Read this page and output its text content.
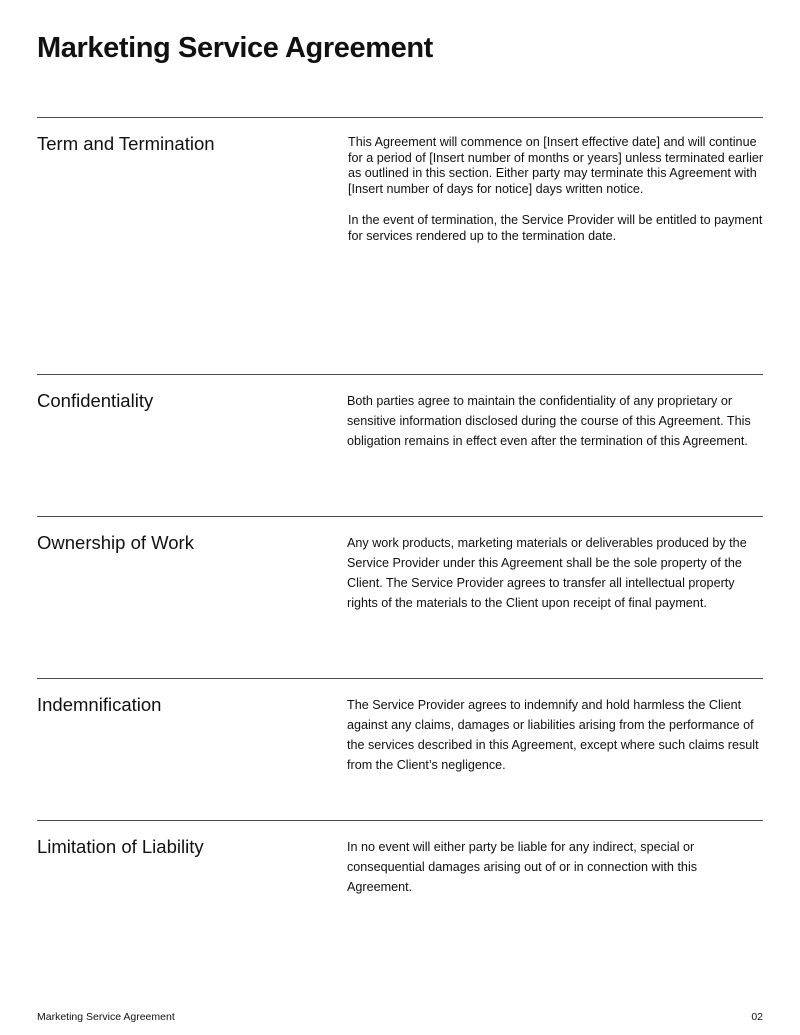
Marketing Service Agreement
Term and Termination	This Agreement will commence on [Insert effective date] and will continue for a period of [Insert number of months or years] unless terminated earlier as outlined in this section. Either party may terminate this Agreement with [Insert number of days for notice] days written notice.

In the event of termination, the Service Provider will be entitled to payment for services rendered up to the termination date.

Confidentiality	Both parties agree to maintain the confidentiality of any proprietary or sensitive information disclosed during the course of this Agreement. This obligation remains in effect even after the termination of this Agreement.

Ownership of Work	Any work products, marketing materials or deliverables produced by the Service Provider under this Agreement shall be the sole property of the Client. The Service Provider agrees to transfer all intellectual property rights of the materials to the Client upon receipt of final payment.

Indemnification	The Service Provider agrees to indemnify and hold harmless the Client against any claims, damages or liabilities arising from the performance of the services described in this Agreement, except where such claims result from the Client’s negligence.

Limitation of Liability	In no event will either party be liable for any indirect, special or consequential damages arising out of or in connection with this Agreement.

Marketing Service Agreement	02
